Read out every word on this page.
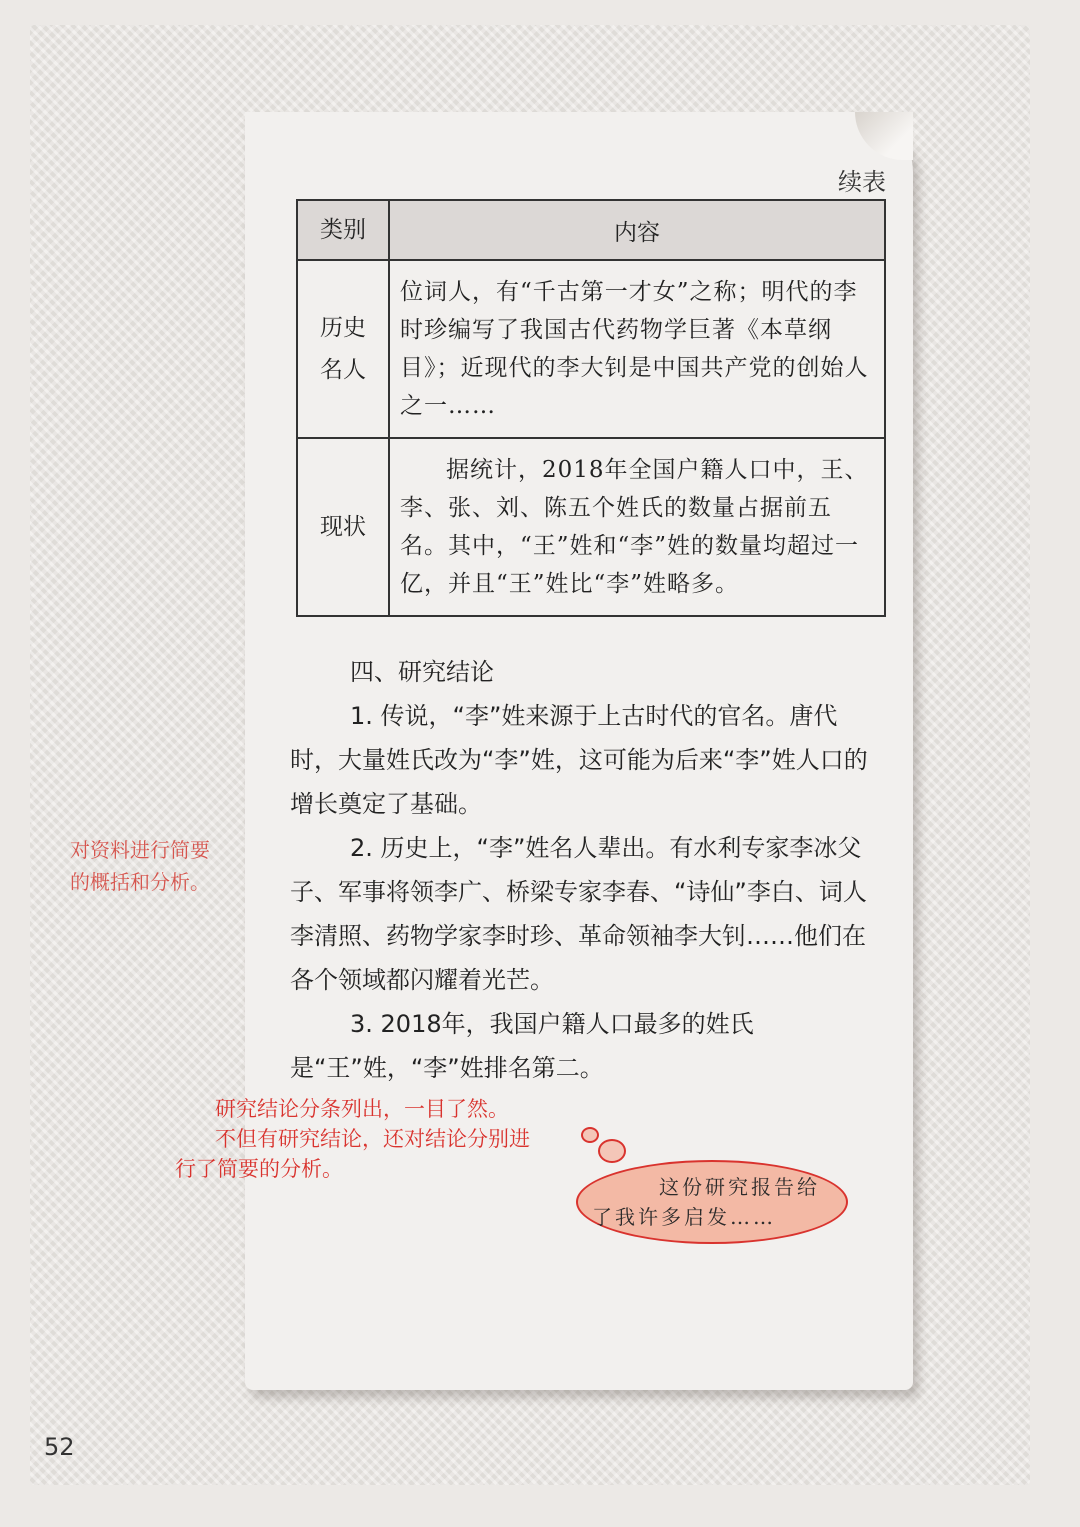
续表
类别	内容

历史
名人	位词人，有“千古第一才女”之称；明代的李时珍编写了我国古代药物学巨著《本草纲目》；近现代的李大钊是中国共产党的创始人之一……
现状	据统计，2018年全国户籍人口中，王、李、张、刘、陈五个姓氏的数量占据前五名。其中，“王”姓和“李”姓的数量均超过一亿，并且“王”姓比“李”姓略多。

四、研究结论

1. 传说，“李”姓来源于上古时代的官名。唐代时，大量姓氏改为“李”姓，这可能为后来“李”姓人口的增长奠定了基础。

2. 历史上，“李”姓名人辈出。有水利专家李冰父子、军事将领李广、桥梁专家李春、“诗仙”李白、词人李清照、药物学家李时珍、革命领袖李大钊……他们在各个领域都闪耀着光芒。

3. 2018年，我国户籍人口最多的姓氏是“王”姓，“李”姓排名第二。

对资料进行简要的概括和分析。
研究结论分条列出，一目了然。
不但有研究结论，还对结论分别进
行了简要的分析。
这份研究报告给
了我许多启发……
52
